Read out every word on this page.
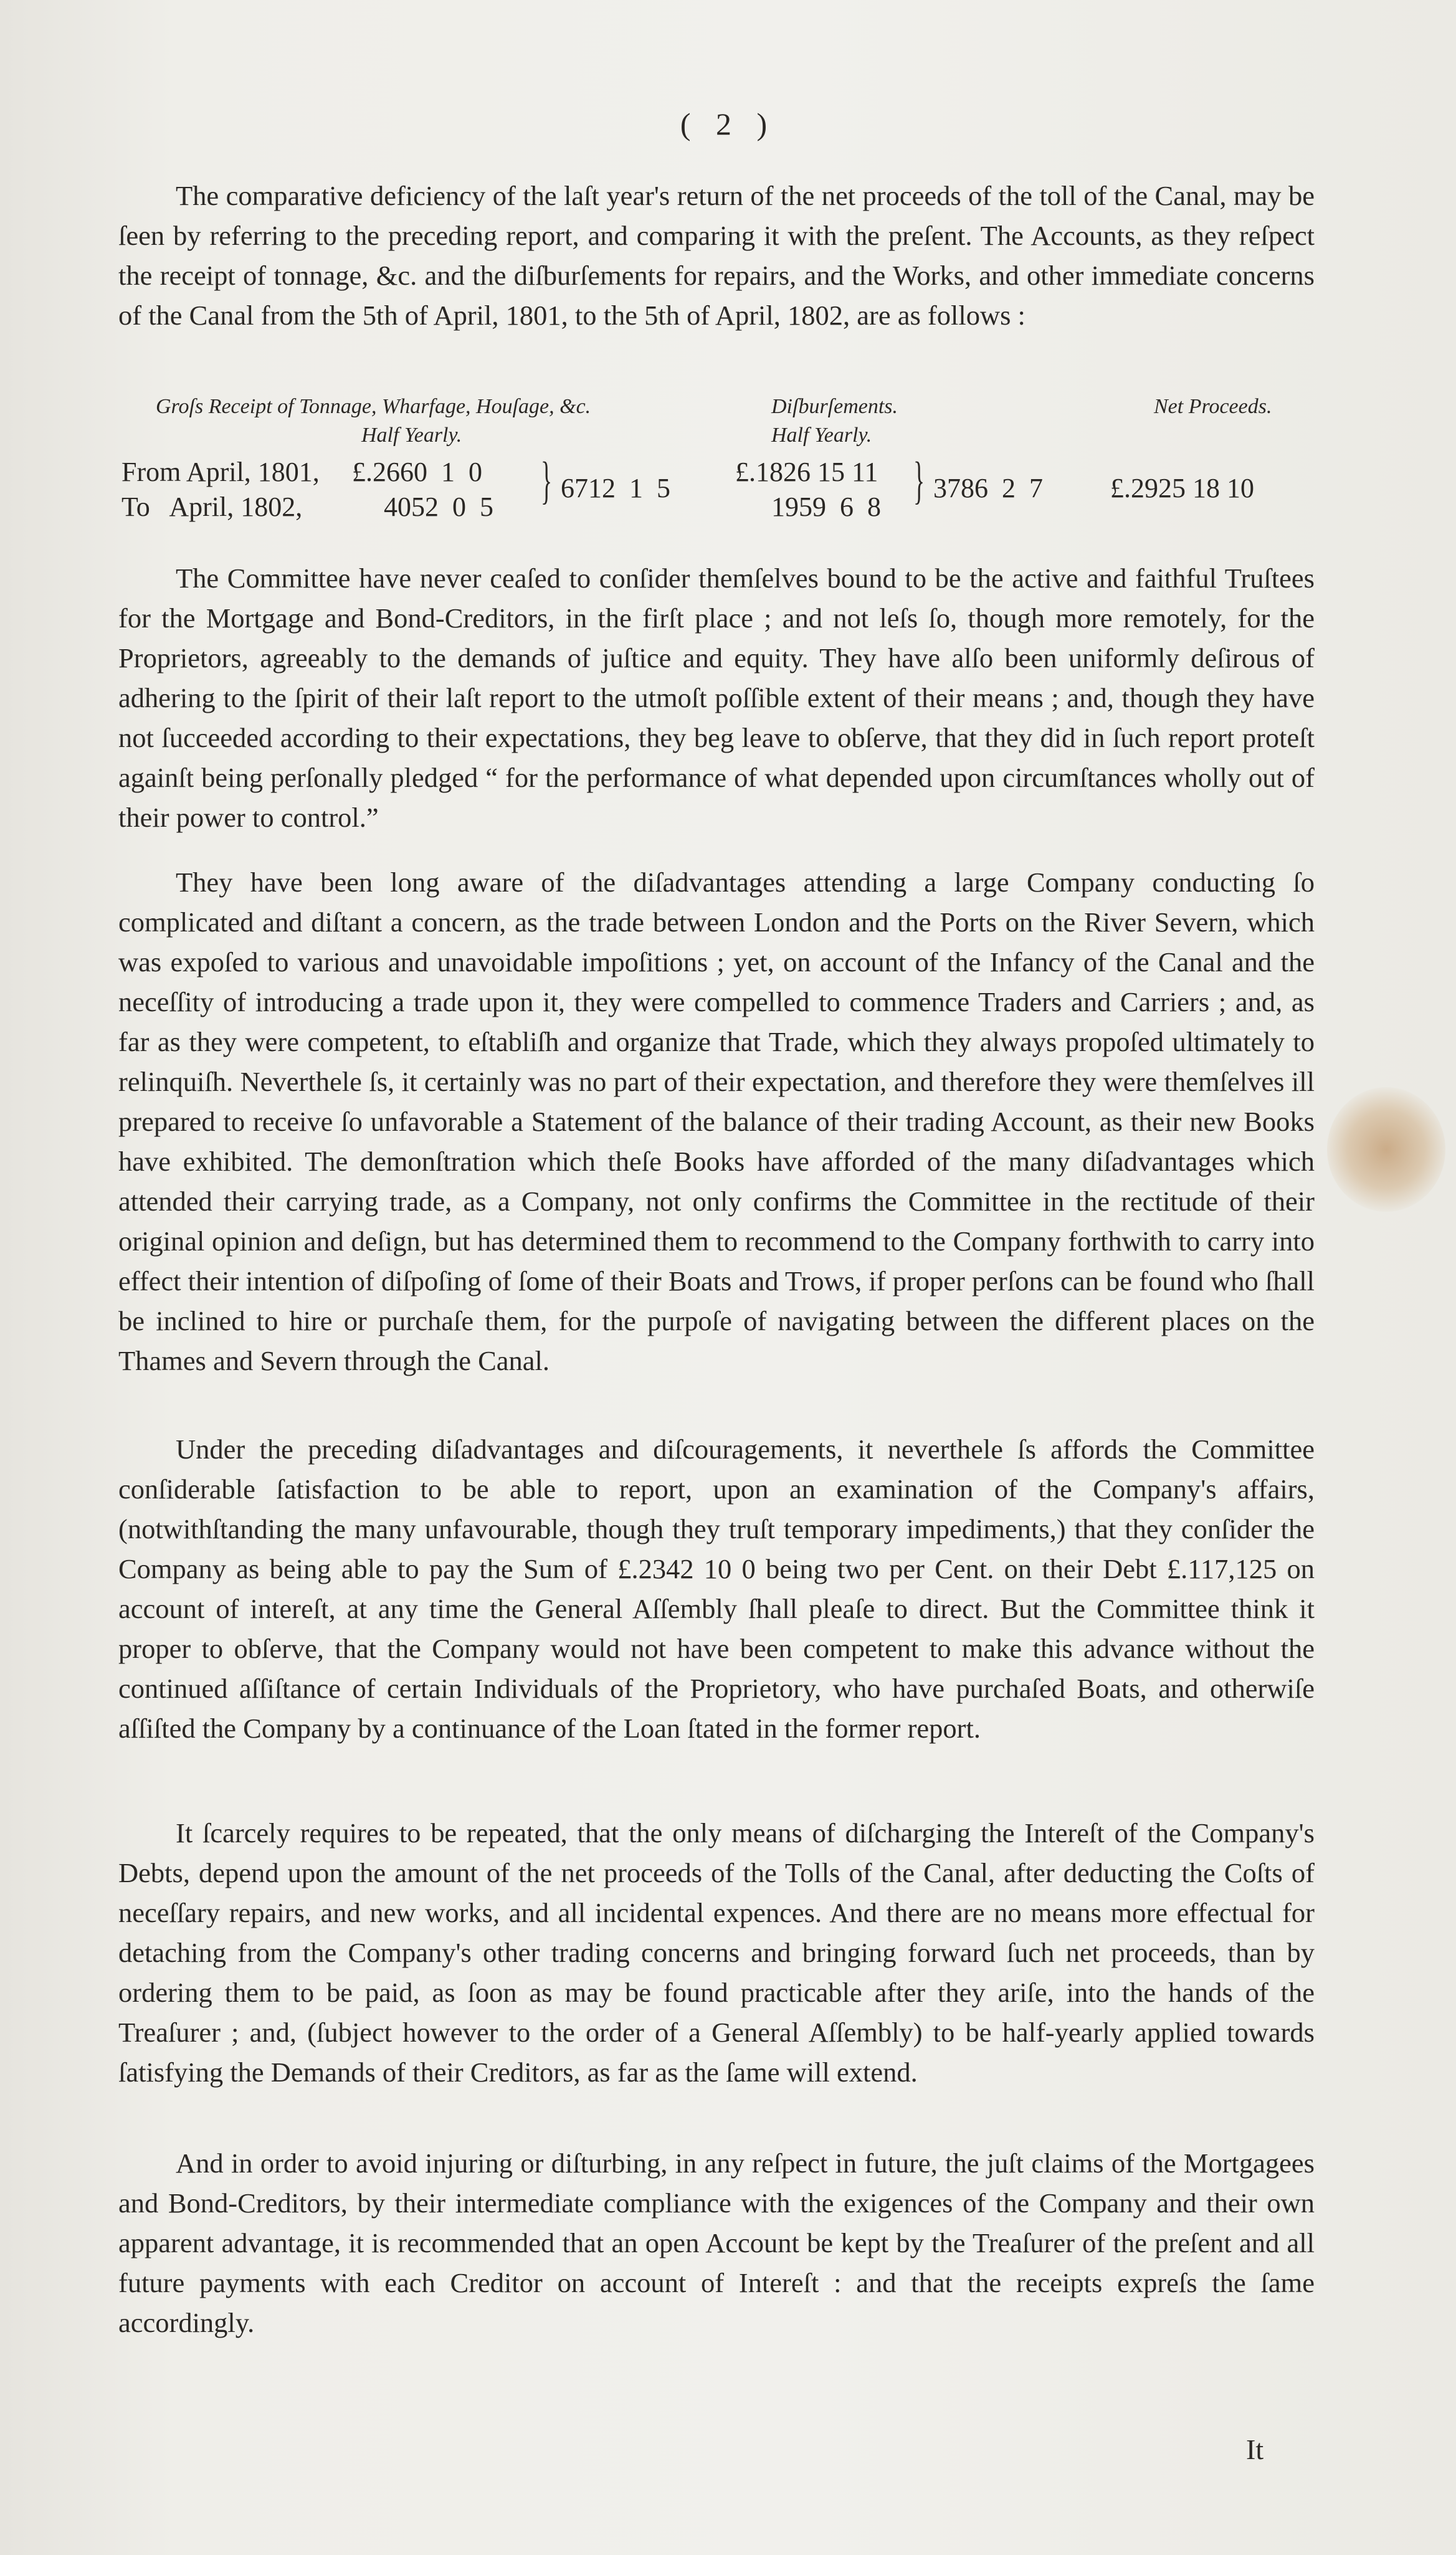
( 2 )

The comparative deficiency of the laſt year's return of the net proceeds of the toll of the Canal, may be ſeen by referring to the preceding report, and comparing it with the preſent. The Accounts, as they reſpect the receipt of tonnage, &c. and the diſburſements for repairs, and the Works, and other immediate concerns of the Canal from the 5th of April, 1801, to the 5th of April, 1802, are as follows :

Groſs Receipt of Tonnage, Wharfage, Houſage, &c.
Half Yearly.
Diſburſements.
Half Yearly.
Net Proceeds.
From April, 1801,
To   April, 1802,
£.2660  1  0
4052  0  5 } 6712  1  5
£.1826 15 11
1959  6  8 } 3786  2  7 £.2925 18 10

The Committee have never ceaſed to conſider themſelves bound to be the active and faithful Truſtees for the Mortgage and Bond-Creditors, in the firſt place ; and not leſs ſo, though more remotely, for the Proprietors, agreeably to the demands of juſtice and equity. They have alſo been uniformly deſirous of adhering to the ſpirit of their laſt report to the utmoſt poſſible extent of their means ; and, though they have not ſucceeded according to their expectations, they beg leave to obſerve, that they did in ſuch report proteſt againſt being perſonally pledged “ for the performance of what depended upon circumſtances wholly out of their power to control.”

They have been long aware of the diſadvantages attending a large Company conducting ſo complicated and diſtant a concern, as the trade between London and the Ports on the River Severn, which was expoſed to various and unavoidable impoſitions ; yet, on account of the Infancy of the Canal and the neceſſity of introducing a trade upon it, they were compelled to commence Traders and Carriers ; and, as far as they were competent, to eſtabliſh and organize that Trade, which they always propoſed ultimately to relinquiſh. Neverthele ſs, it certainly was no part of their expectation, and therefore they were themſelves ill prepared to receive ſo unfavorable a Statement of the balance of their trading Account, as their new Books have exhibited. The demonſtration which theſe Books have afforded of the many diſadvantages which attended their carrying trade, as a Company, not only confirms the Committee in the rectitude of their original opinion and deſign, but has determined them to recommend to the Company forthwith to carry into effect their intention of diſpoſing of ſome of their Boats and Trows, if proper perſons can be found who ſhall be inclined to hire or purchaſe them, for the purpoſe of navigating between the different places on the Thames and Severn through the Canal.

Under the preceding diſadvantages and diſcouragements, it neverthele ſs affords the Committee conſiderable ſatisfaction to be able to report, upon an examination of the Company's affairs, (notwithſtanding the many unfavourable, though they truſt temporary impediments,) that they conſider the Company as being able to pay the Sum of £.2342 10 0 being two per Cent. on their Debt £.117,125 on account of intereſt, at any time the General Aſſembly ſhall pleaſe to direct. But the Committee think it proper to obſerve, that the Company would not have been competent to make this advance without the continued aſſiſtance of certain Individuals of the Proprietory, who have purchaſed Boats, and otherwiſe aſſiſted the Company by a continuance of the Loan ſtated in the former report.

It ſcarcely requires to be repeated, that the only means of diſcharging the Intereſt of the Company's Debts, depend upon the amount of the net proceeds of the Tolls of the Canal, after deducting the Coſts of neceſſary repairs, and new works, and all incidental expences. And there are no means more effectual for detaching from the Company's other trading concerns and bringing forward ſuch net proceeds, than by ordering them to be paid, as ſoon as may be found practicable after they ariſe, into the hands of the Treaſurer ; and, (ſubject however to the order of a General Aſſembly) to be half-yearly applied towards ſatisfying the Demands of their Creditors, as far as the ſame will extend.

And in order to avoid injuring or diſturbing, in any reſpect in future, the juſt claims of the Mortgagees and Bond-Creditors, by their intermediate compliance with the exigences of the Company and their own apparent advantage, it is recommended that an open Account be kept by the Treaſurer of the preſent and all future payments with each Creditor on account of Intereſt : and that the receipts expreſs the ſame accordingly.

It
